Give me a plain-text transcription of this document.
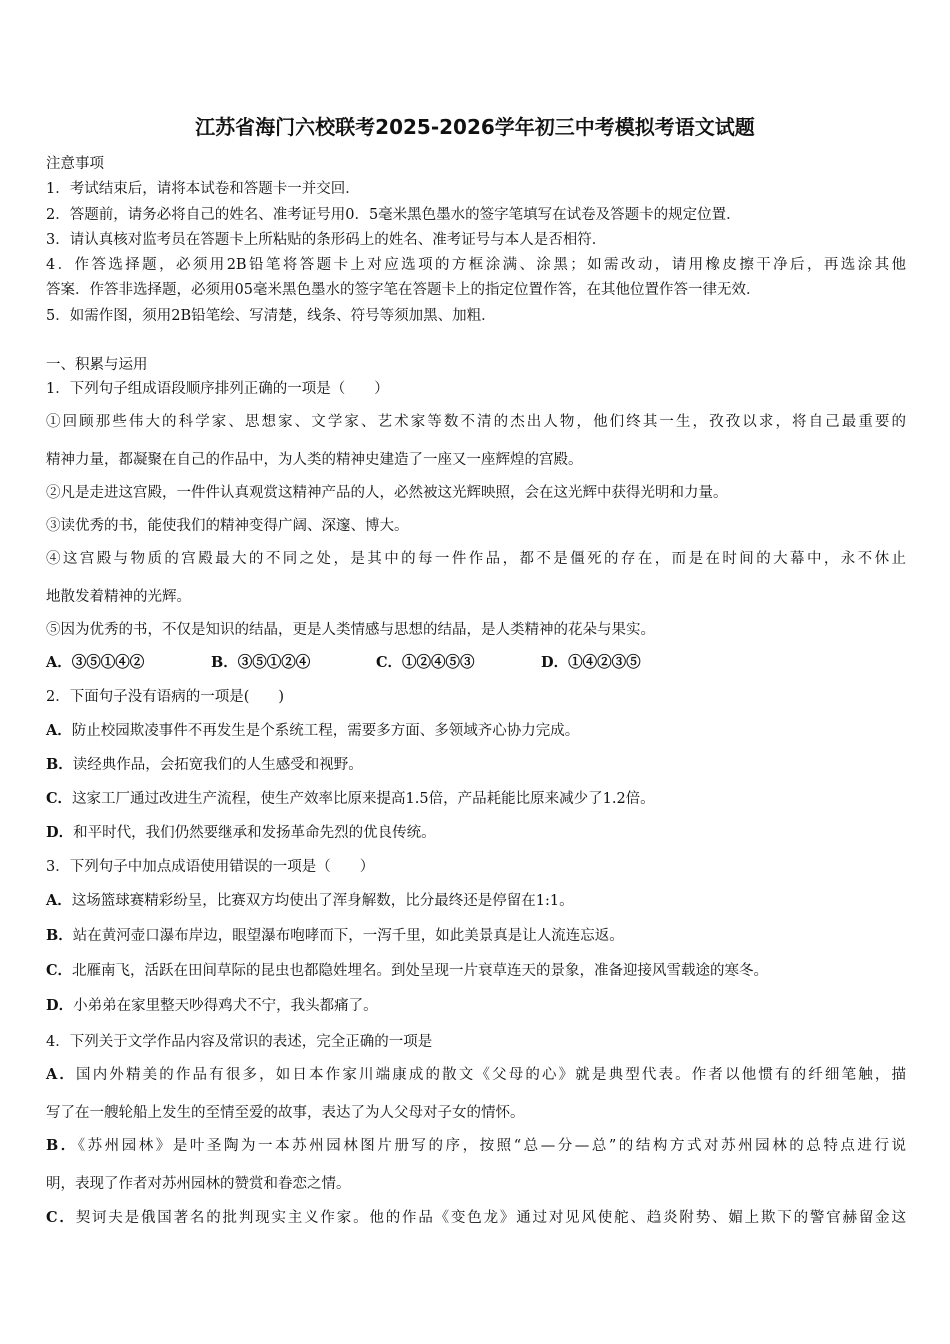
江苏省海门六校联考2025-2026学年初三中考模拟考语文试题
注意事项
1．考试结束后，请将本试卷和答题卡一并交回．
2．答题前，请务必将自己的姓名、准考证号用0．5毫米黑色墨水的签字笔填写在试卷及答题卡的规定位置．
3．请认真核对监考员在答题卡上所粘贴的条形码上的姓名、准考证号与本人是否相符．
4．作答选择题，必须用2B铅笔将答题卡上对应选项的方框涂满、涂黑；如需改动，请用橡皮擦干净后，再选涂其他
答案．作答非选择题，必须用05毫米黑色墨水的签字笔在答题卡上的指定位置作答，在其他位置作答一律无效．
5．如需作图，须用2B铅笔绘、写清楚，线条、符号等须加黑、加粗．
一、积累与运用
1．下列句子组成语段顺序排列正确的一项是（　　）
①回顾那些伟大的科学家、思想家、文学家、艺术家等数不清的杰出人物，他们终其一生，孜孜以求，将自己最重要的
精神力量，都凝聚在自己的作品中，为人类的精神史建造了一座又一座辉煌的宫殿。
②凡是走进这宫殿，一件件认真观赏这精神产品的人，必然被这光辉映照，会在这光辉中获得光明和力量。
③读优秀的书，能使我们的精神变得广阔、深邃、博大。
④这宫殿与物质的宫殿最大的不同之处，是其中的每一件作品，都不是僵死的存在，而是在时间的大幕中，永不休止
地散发着精神的光辉。
⑤因为优秀的书，不仅是知识的结晶，更是人类情感与思想的结晶，是人类精神的花朵与果实。
A．③⑤①④②	B．③⑤①②④	C．①②④⑤③	D．①④②③⑤
2．下面句子没有语病的一项是(　　)
A．防止校园欺凌事件不再发生是个系统工程，需要多方面、多领域齐心协力完成。
B．读经典作品，会拓宽我们的人生感受和视野。
C．这家工厂通过改进生产流程，使生产效率比原来提高1.5倍，产品耗能比原来减少了1.2倍。
D．和平时代，我们仍然要继承和发扬革命先烈的优良传统。
3．下列句子中加点成语使用错误的一项是（　　）
A．这场篮球赛精彩纷呈，比赛双方均使出了浑身解数，比分最终还是停留在1:1。
B．站在黄河壶口瀑布岸边，眼望瀑布咆哮而下，一泻千里，如此美景真是让人流连忘返。
C．北雁南飞，活跃在田间草际的昆虫也都隐姓埋名。到处呈现一片衰草连天的景象，准备迎接风雪载途的寒冬。
D．小弟弟在家里整天吵得鸡犬不宁，我头都痛了。
4．下列关于文学作品内容及常识的表述，完全正确的一项是
A．国内外精美的作品有很多，如日本作家川端康成的散文《父母的心》就是典型代表。作者以他惯有的纤细笔触，描
写了在一艘轮船上发生的至情至爱的故事，表达了为人父母对子女的情怀。
B．《苏州园林》是叶圣陶为一本苏州园林图片册写的序，按照“总—分—总”的结构方式对苏州园林的总特点进行说
明，表现了作者对苏州园林的赞赏和眷恋之情。
C．契诃夫是俄国著名的批判现实主义作家。他的作品《变色龙》通过对见风使舵、趋炎附势、媚上欺下的警官赫留金这
